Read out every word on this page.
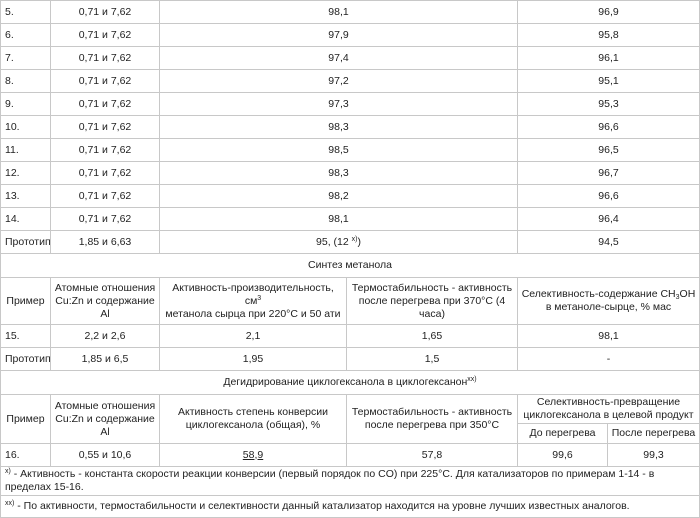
5.	0,71 и 7,62	98,1		96,9	
6.	0,71 и 7,62	97,9		95,8	
7.	0,71 и 7,62	97,4		96,1	
8.	0,71 и 7,62	97,2		95,1	
9.	0,71 и 7,62	97,3		95,3	
10.	0,71 и 7,62	98,3		96,6	
11.	0,71 и 7,62	98,5		96,5	
12.	0,71 и 7,62	98,3		96,7	
13.	0,71 и 7,62	98,2		96,6	
14.	0,71 и 7,62	98,1		96,4	
Прототип	1,85 и 6,63	95, (12 $^{x)}$)		94,5	
Синтез метанола					
Пример	Атомные отношения Cu:Zn и содержание Al	Активность-производительность, $см^3$
метанола сырца при 220°C и 50 ати	Термостабильность - активность после перегрева при 370°C (4 часа)	Селективность-содержание CH3OH в метаноле-сырце, % мас	
15.	2,2 и 2,6	2,1	1,65	98,1	
Прототип	1,85 и 6,5	1,95	1,5	-	
Дегидрирование циклогексанола в циклогексанон$^{xx)}$
Пример	Атомные отношения Cu:Zn и содержание Al	Активность степень конверсии циклогексанола (общая), %	Термостабильность - активность после перегрева при 350°C	Селективность-превращение циклогексанола в целевой продукт	
				До перегрева	После перегрева
16.	0,55 и 10,6	58,9	57,8	99,6	99,3
$^{x)}$ - Активность - константа скорости реакции конверсии (первый порядок по CO) при 225°C. Для катализаторов по примерам 1-14 - в пределах 15-16.					
$^{xx)}$ - По активности, термостабильности и селективности данный катализатор находится на уровне лучших известных аналогов.					
